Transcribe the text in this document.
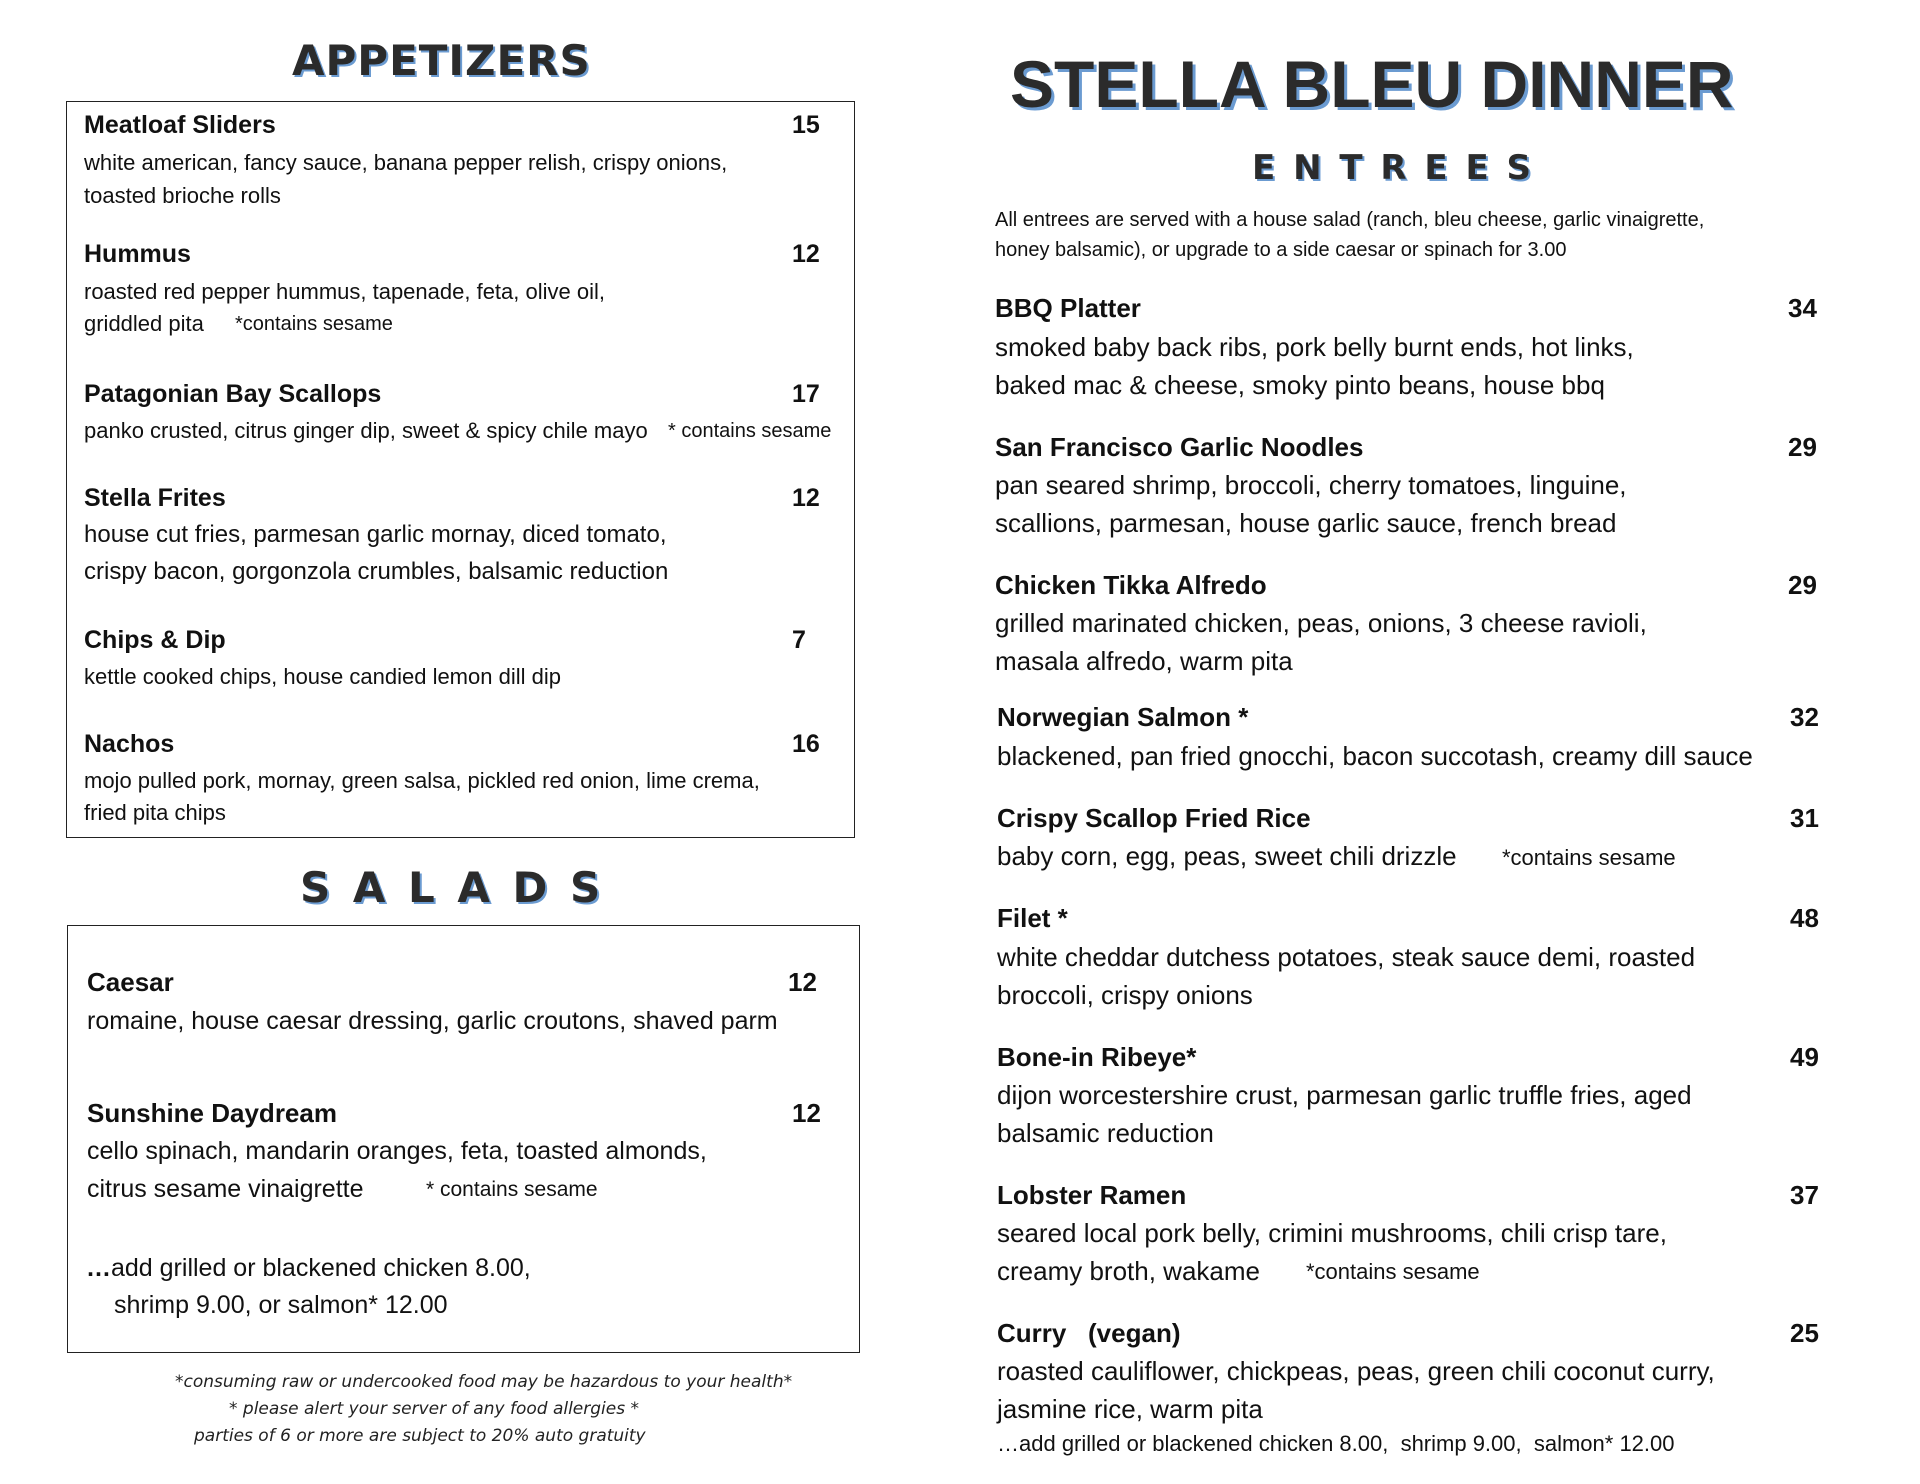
APPETIZERS
Meatloaf Sliders	15
white american, fancy sauce, banana pepper relish, crispy onions,
toasted brioche rolls
Hummus	12
roasted red pepper hummus, tapenade, feta, olive oil,
griddled pita *contains sesame
Patagonian Bay Scallops	17
panko crusted, citrus ginger dip, sweet & spicy chile mayo * contains sesame
Stella Frites	12
house cut fries, parmesan garlic mornay, diced tomato,
crispy bacon, gorgonzola crumbles, balsamic reduction
Chips & Dip	7
kettle cooked chips, house candied lemon dill dip
Nachos	16
mojo pulled pork, mornay, green salsa, pickled red onion, lime crema,
fried pita chips
S A L A D S
Caesar	12
romaine, house caesar dressing, garlic croutons, shaved parm
Sunshine Daydream	12
cello spinach, mandarin oranges, feta, toasted almonds,
citrus sesame vinaigrette	* contains sesame
…add grilled or blackened chicken 8.00,
shrimp 9.00, or salmon* 12.00
*consuming raw or undercooked food may be hazardous to your health*
* please alert your server of any food allergies *
parties of 6 or more are subject to 20% auto gratuity
STELLA BLEU DINNER
E N T R E E S
All entrees are served with a house salad (ranch, bleu cheese, garlic vinaigrette,
honey balsamic), or upgrade to a side caesar or spinach for 3.00
BBQ Platter	34
smoked baby back ribs, pork belly burnt ends, hot links,
baked mac & cheese, smoky pinto beans, house bbq
San Francisco Garlic Noodles	29
pan seared shrimp, broccoli, cherry tomatoes, linguine,
scallions, parmesan, house garlic sauce, french bread
Chicken Tikka Alfredo	29
grilled marinated chicken, peas, onions, 3 cheese ravioli,
masala alfredo, warm pita
Norwegian Salmon *	32
blackened, pan fried gnocchi, bacon succotash, creamy dill sauce
Crispy Scallop Fried Rice	31
baby corn, egg, peas, sweet chili drizzle *contains sesame
Filet *	48
white cheddar dutchess potatoes, steak sauce demi, roasted
broccoli, crispy onions
Bone-in Ribeye*	49
dijon worcestershire crust, parmesan garlic truffle fries, aged
balsamic reduction
Lobster Ramen	37
seared local pork belly, crimini mushrooms, chili crisp tare,
creamy broth, wakame *contains sesame
Curry   (vegan)	25
roasted cauliflower, chickpeas, peas, green chili coconut curry,
jasmine rice, warm pita
…add grilled or blackened chicken 8.00,  shrimp 9.00,  salmon* 12.00
